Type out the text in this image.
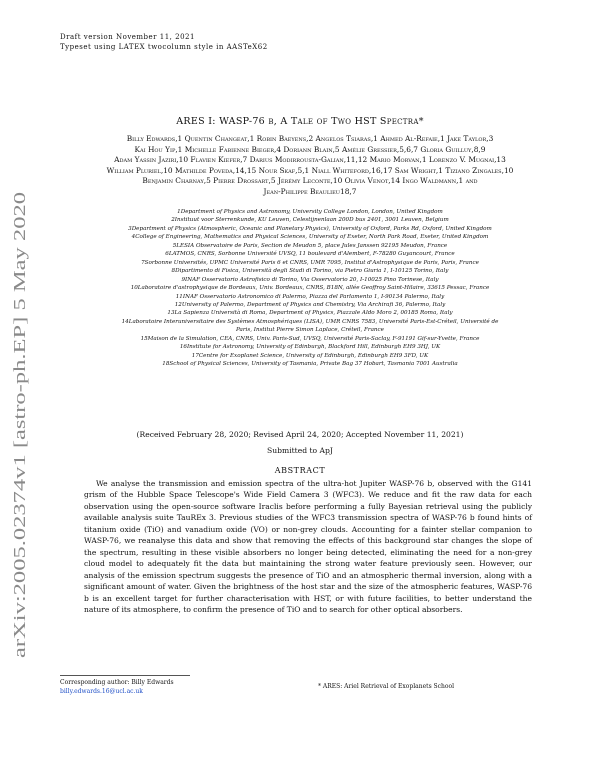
arXiv:2005.02374v1 [astro-ph.EP] 5 May 2020
Draft version November 11, 2021
Typeset using LATEX twocolumn style in AASTeX62
ARES I: WASP-76 b, A Tale of Two HST Spectra*
Billy Edwards,1 Quentin Changeat,1 Robin Baeyens,2 Angelos Tsiaras,1 Ahmed Al-Refaie,1 Jake Taylor,3
Kai Hou Yip,1 Michelle Fabienne Bieger,4 Doriann Blain,5 Amélie Gressier,5,6,7 Gloria Guilluy,8,9
Adam Yassin Jaziri,10 Flavien Kiefer,7 Darius Modirrousta-Galian,11,12 Mario Morvan,1 Lorenzo V. Mugnai,13
William Pluriel,10 Mathilde Poveda,14,15 Nour Skaf,5,1 Niall Whiteford,16,17 Sam Wright,1 Tiziano Zingales,10
Benjamin Charnay,5 Pierre Drossart,5 Jérémy Leconte,10 Olivia Venot,14 Ingo Waldmann,1 and
Jean-Philippe Beaulieu18,7
1Department of Physics and Astronomy, University College London, London, United Kingdom
2Instituut voor Sterrenkunde, KU Leuven, Celestijnenlaan 200D bus 2401, 3001 Leuven, Belgium
3Department of Physics (Atmospheric, Oceanic and Planetary Physics), University of Oxford, Parks Rd, Oxford, United Kingdom
4College of Engineering, Mathematics and Physical Sciences, University of Exeter, North Park Road, Exeter, United Kingdom
5LESIA Observatoire de Paris, Section de Meudon 5, place Jules Janssen 92195 Meudon, France
6LATMOS, CNRS, Sorbonne Université UVSQ, 11 boulevard d'Alembert, F-78280 Guyancourt, France
7Sorbonne Universités, UPMC Université Paris 6 et CNRS, UMR 7095, Institut d'Astrophysique de Paris, Paris, France
8Dipartimento di Fisica, Università degli Studi di Torino, via Pietro Giuria 1, I-10125 Torino, Italy
9INAF Osservatorio Astrofisico di Torino, Via Osservatorio 20, I-10025 Pino Torinese, Italy
10Laboratoire d'astrophysique de Bordeaux, Univ. Bordeaux, CNRS, B18N, allée Geoffroy Saint-Hilaire, 33615 Pessac, France
11INAF Osservatorio Astronomico di Palermo, Piazza del Parlamento 1, I-90134 Palermo, Italy
12University of Palermo, Department of Physics and Chemistry, Via Archirafi 36, Palermo, Italy
13La Sapienza Università di Roma, Department of Physics, Piazzale Aldo Moro 2, 00185 Roma, Italy
14Laboratoire Interuniversitaire des Systèmes Atmosphériques (LISA), UMR CNRS 7583, Université Paris-Est-Créteil, Université de
Paris, Institut Pierre Simon Laplace, Créteil, France
15Maison de la Simulation, CEA, CNRS, Univ. Paris-Sud, UVSQ, Université Paris-Saclay, F-91191 Gif-sur-Yvette, France
16Institute for Astronomy, University of Edinburgh, Blackford Hill, Edinburgh EH9 3HJ, UK
17Centre for Exoplanet Science, University of Edinburgh, Edinburgh EH9 3FD, UK
18School of Physical Sciences, University of Tasmania, Private Bag 37 Hobart, Tasmania 7001 Australia
(Received February 28, 2020; Revised April 24, 2020; Accepted November 11, 2021)
Submitted to ApJ
ABSTRACT
We analyse the transmission and emission spectra of the ultra-hot Jupiter WASP-76 b, observed with the G141 grism of the Hubble Space Telescope's Wide Field Camera 3 (WFC3). We reduce and fit the raw data for each observation using the open-source software Iraclis before performing a fully Bayesian retrieval using the publicly available analysis suite TauREx 3. Previous studies of the WFC3 transmission spectra of WASP-76 b found hints of titanium oxide (TiO) and vanadium oxide (VO) or non-grey clouds. Accounting for a fainter stellar companion to WASP-76, we reanalyse this data and show that removing the effects of this background star changes the slope of the spectrum, resulting in these visible absorbers no longer being detected, eliminating the need for a non-grey cloud model to adequately fit the data but maintaining the strong water feature previously seen. However, our analysis of the emission spectrum suggests the presence of TiO and an atmospheric thermal inversion, along with a significant amount of water. Given the brightness of the host star and the size of the atmospheric features, WASP-76 b is an excellent target for further characterisation with HST, or with future facilities, to better understand the nature of its atmosphere, to confirm the presence of TiO and to search for other optical absorbers.
Corresponding author: Billy Edwards
billy.edwards.16@ucl.ac.uk
* ARES: Ariel Retrieval of Exoplanets School
